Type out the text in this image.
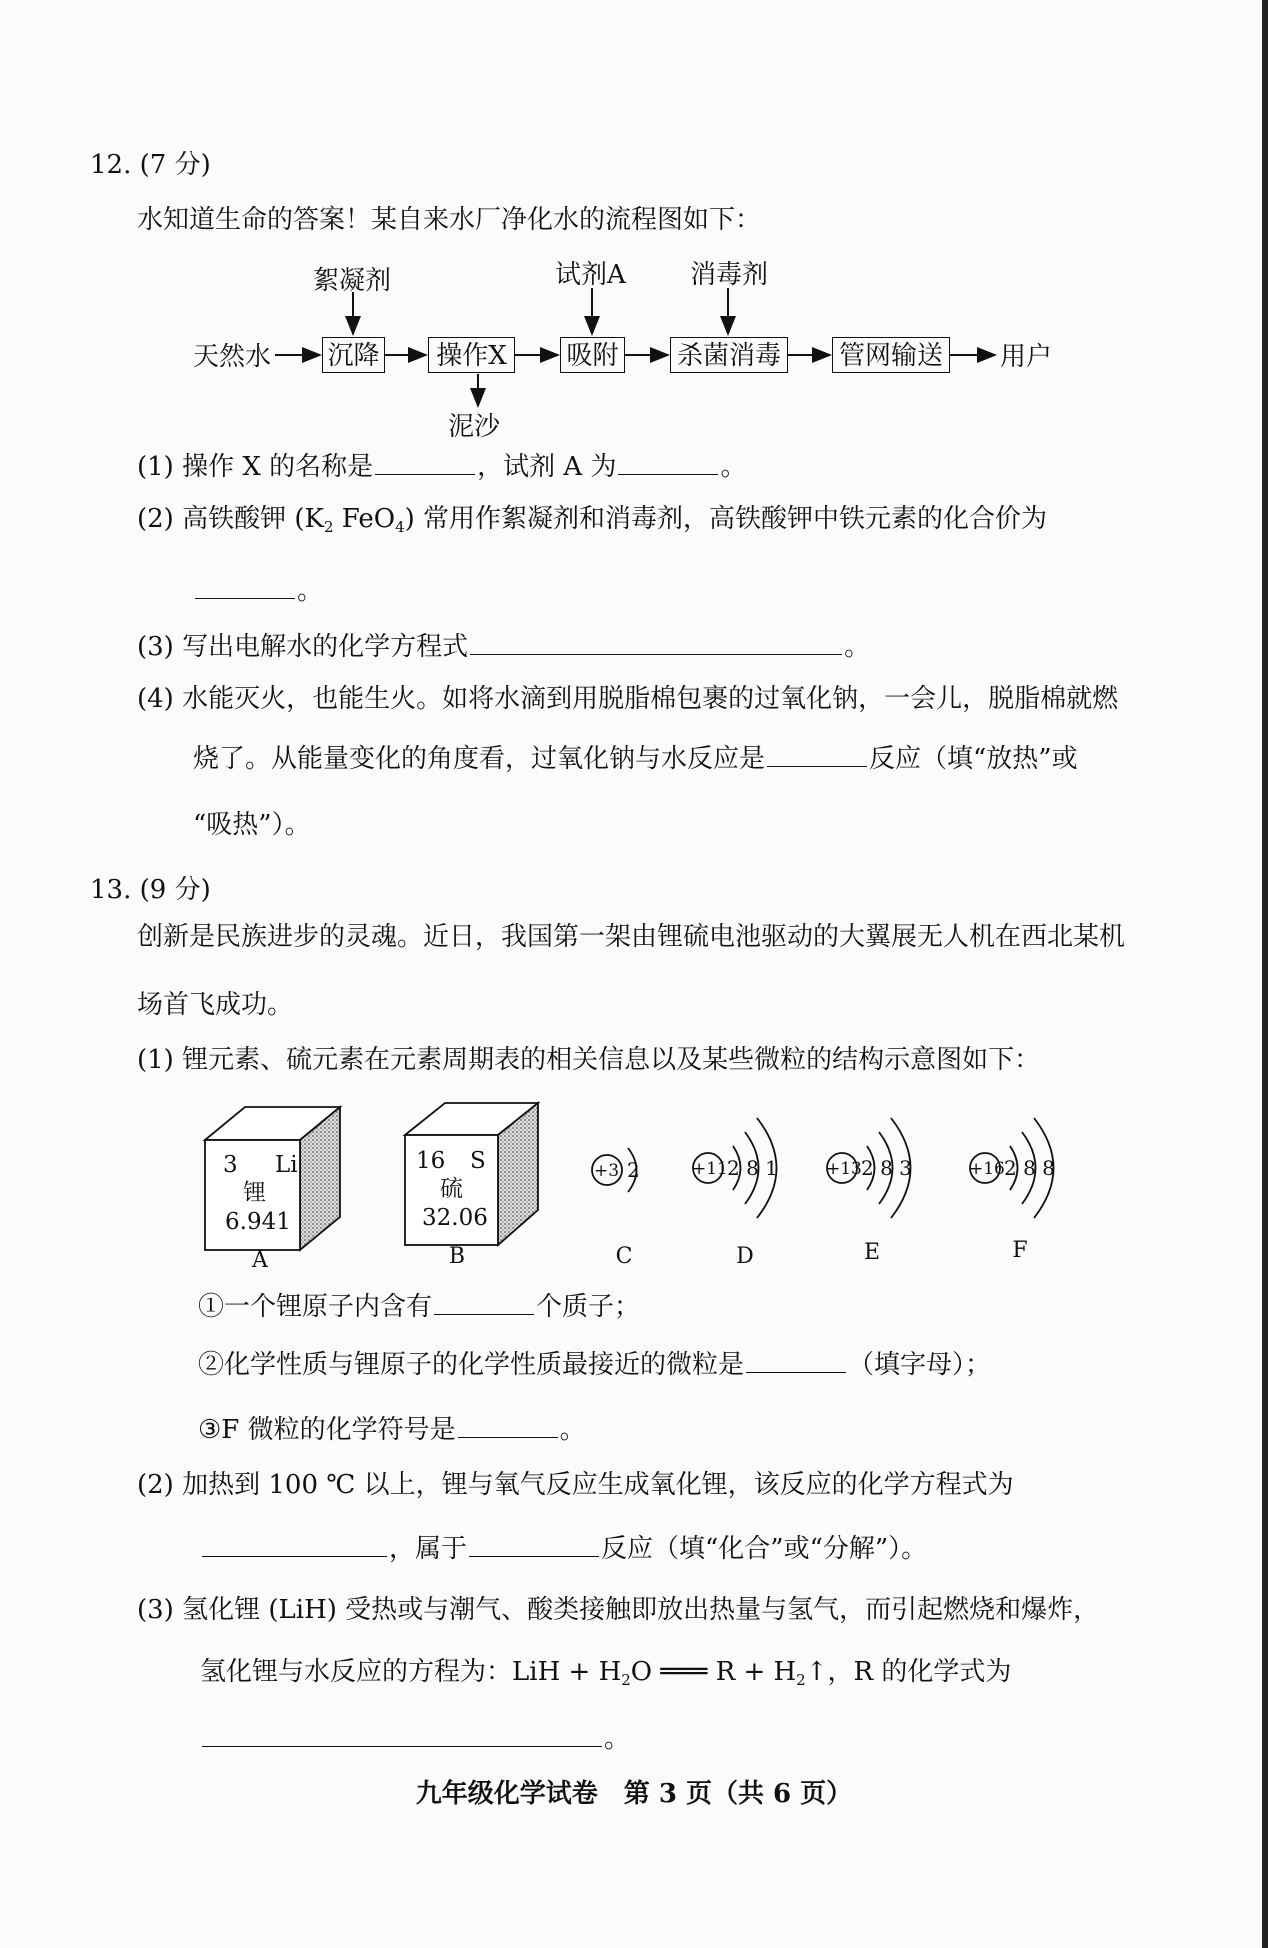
12. (7 分)
水知道生命的答案！某自来水厂净化水的流程图如下：
天然水 沉降	操作X	吸附 杀菌消毒 管网输送 用户
絮凝剂	试剂A 消毒剂
泥沙
(1) 操作 X 的名称是	，试剂 A 为	。
(2) 高铁酸钾 ($K_2$ FeO$_4$) 常用作絮凝剂和消毒剂，高铁酸钾中铁元素的化合价为
。
(3) 写出电解水的化学方程式	。
(4) 水能灭火，也能生火。如将水滴到用脱脂棉包裹的过氧化钠，一会儿，脱脂棉就燃
烧了。从能量变化的角度看，过氧化钠与水反应是	反应（填“放热”或
“吸热”）。
13. (9 分)
创新是民族进步的灵魂。近日，我国第一架由锂硫电池驱动的大翼展无人机在西北某机
场首飞成功。
(1) 锂元素、硫元素在元素周期表的相关信息以及某些微粒的结构示意图如下：
3 Li
锂
6.941
A
16 S
硫
32.06
B
+3 2
C
+11 2 8 1
D
+13 2 8 3
E
+16 2 8 8
F
①一个锂原子内含有	个质子；
②化学性质与锂原子的化学性质最接近的微粒是	（填字母）；
③F 微粒的化学符号是	。
(2) 加热到 100 ℃ 以上，锂与氧气反应生成氧化锂，该反应的化学方程式为
，属于	反应（填“化合”或“分解”）。
(3) 氢化锂 (LiH) 受热或与潮气、酸类接触即放出热量与氢气，而引起燃烧和爆炸，
氢化锂与水反应的方程为：LiH + $H_2O$ ═══ $R + H_2↑$，R 的化学式为
。
九年级化学试卷　第 3 页（共 6 页）
